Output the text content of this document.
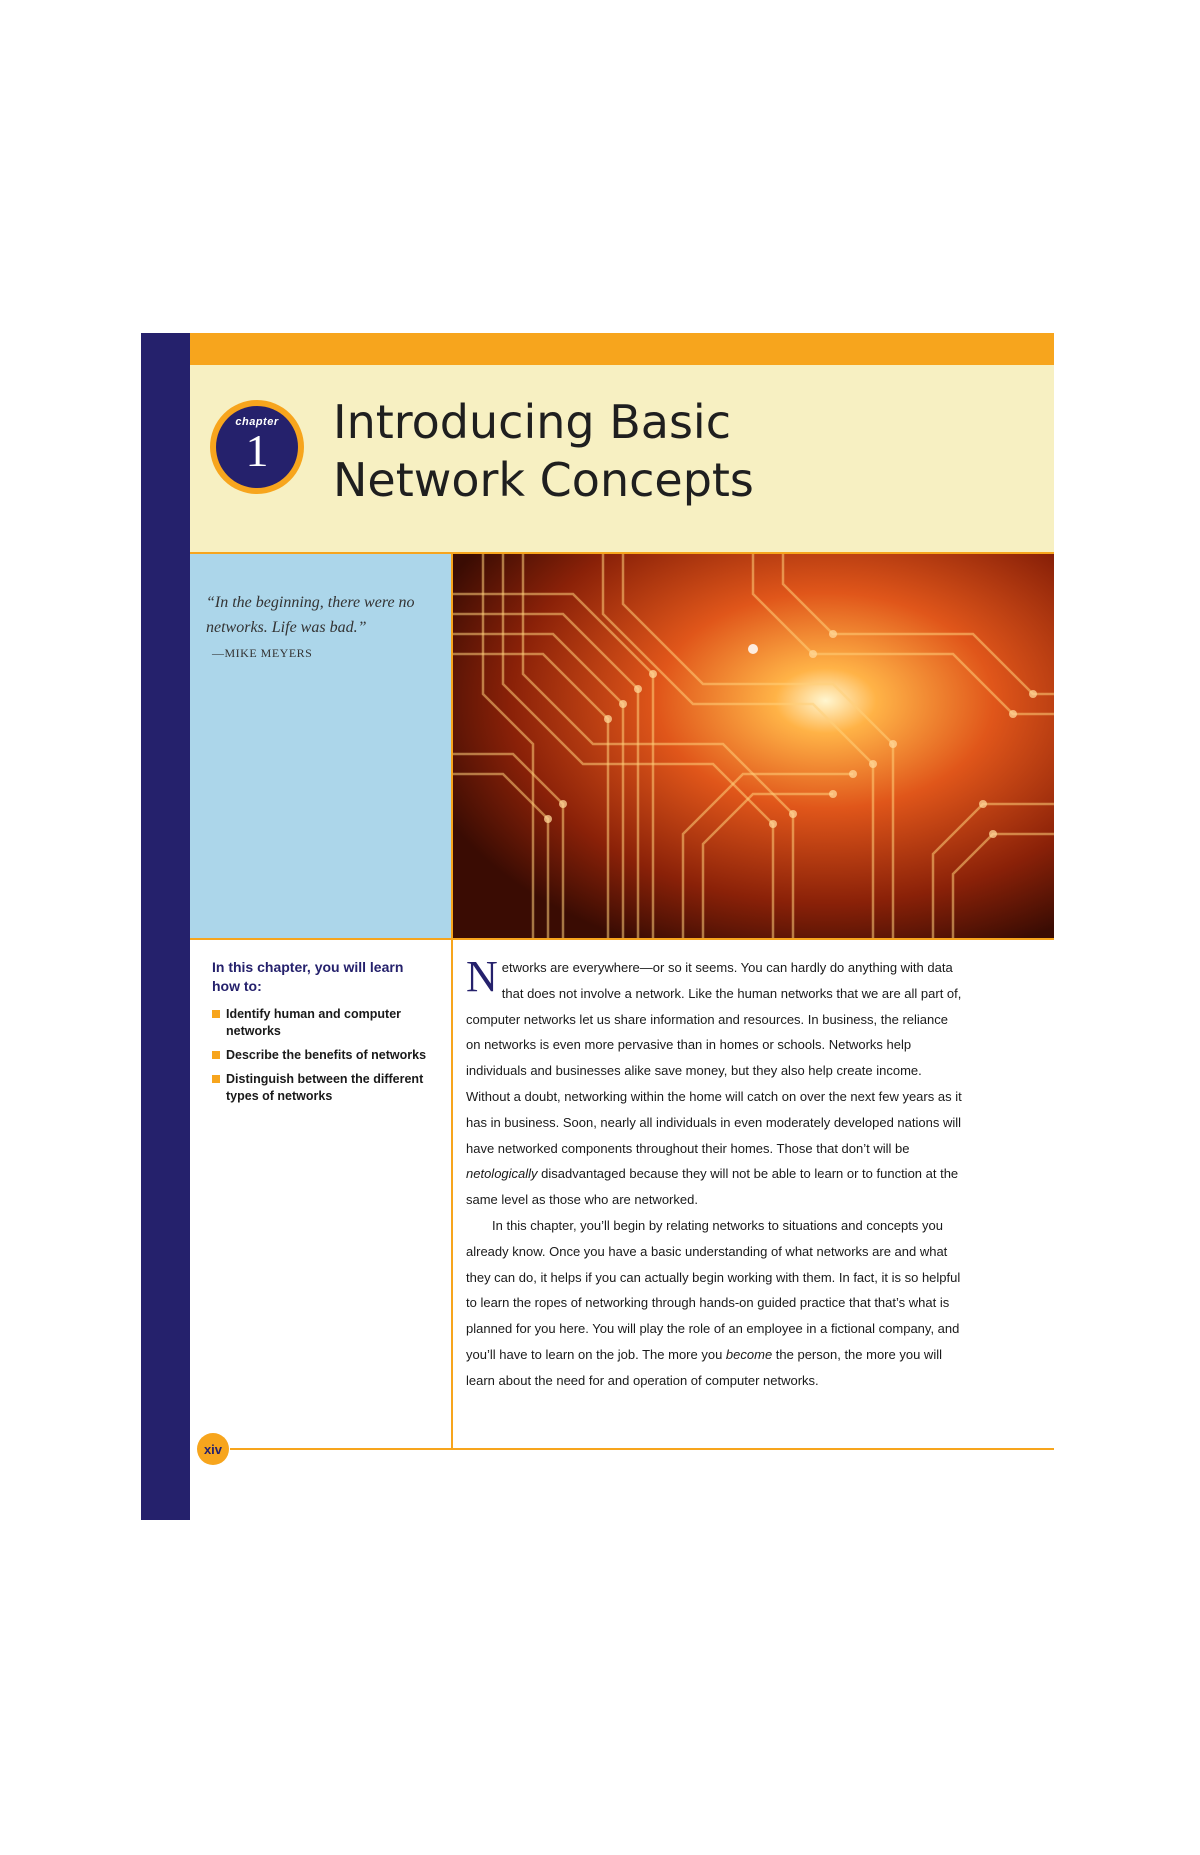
chapter
1
Introducing Basic
Network Concepts
“In the beginning, there were no networks. Life was bad.”
—MIKE MEYERS
In this chapter, you will learn how to:
Identify human and computer networks
Describe the benefits of networks
Distinguish between the different types of networks

Networks are everywhere—or so it seems. You can hardly do anything with data that does not involve a network. Like the human networks that we are all part of, computer networks let us share information and resources. In business, the reliance on networks is even more pervasive than in homes or schools. Networks help individuals and businesses alike save money, but they also help create income. Without a doubt, networking within the home will catch on over the next few years as it has in business. Soon, nearly all individuals in even moderately developed nations will have networked components throughout their homes. Those that don’t will be netologically disadvantaged because they will not be able to learn or to function at the same level as those who are networked.

In this chapter, you’ll begin by relating networks to situations and concepts you already know. Once you have a basic understanding of what networks are and what they can do, it helps if you can actually begin working with them. In fact, it is so helpful to learn the ropes of networking through hands-on guided practice that that’s what is planned for you here. You will play the role of an employee in a fictional company, and you’ll have to learn on the job. The more you become the person, the more you will learn about the need for and operation of computer networks.

xiv
